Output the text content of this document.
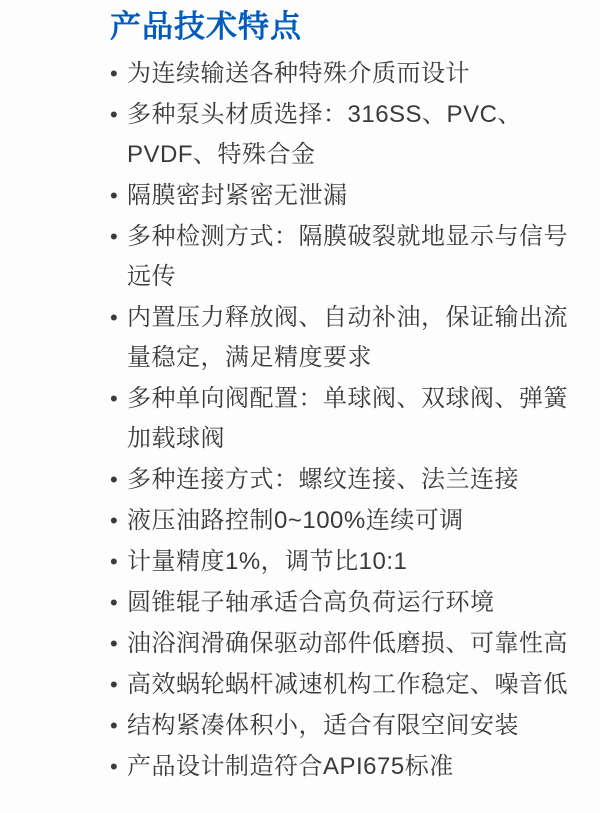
产品技术特点
• 为连续输送各种特殊介质而设计
• 多种泵头材质选择：316SS、PVC、PVDF、特殊合金
• 隔膜密封紧密无泄漏
• 多种检测方式：隔膜破裂就地显示与信号远传
• 内置压力释放阀、自动补油，保证输出流量稳定，满足精度要求
• 多种单向阀配置：单球阀、双球阀、弹簧加载球阀
• 多种连接方式：螺纹连接、法兰连接
• 液压油路控制0~100%连续可调
• 计量精度1%，调节比10:1
• 圆锥辊子轴承适合高负荷运行环境
• 油浴润滑确保驱动部件低磨损、可靠性高
• 高效蜗轮蜗杆减速机构工作稳定、噪音低
• 结构紧凑体积小，适合有限空间安装
• 产品设计制造符合API675标准
